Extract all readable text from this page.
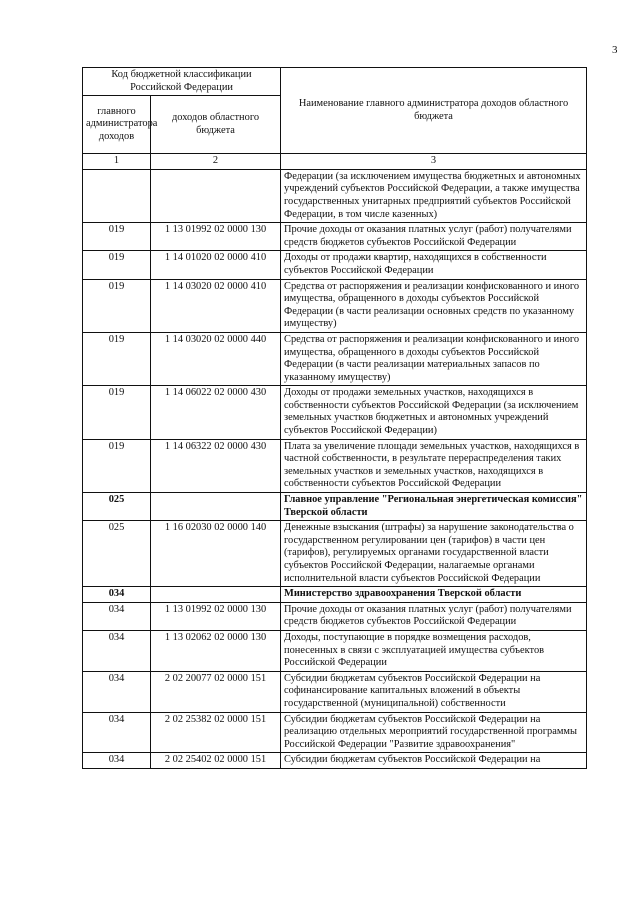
3
Код бюджетной классификации Российской Федерации		Наименование главного администратора доходов областного бюджета
главного администратора доходов	доходов областного бюджета	
1	2	3
		Федерации (за исключением имущества бюджетных и автономных учреждений субъектов Российской Федерации, а также имущества государственных унитарных предприятий субъектов Российской Федерации, в том числе казенных)
019	1 13 01992 02 0000 130	Прочие доходы от оказания платных услуг (работ) получателями средств бюджетов субъектов Российской Федерации
019	1 14 01020 02 0000 410	Доходы от продажи квартир, находящихся в собственности субъектов Российской Федерации
019	1 14 03020 02 0000 410	Средства от распоряжения и реализации конфискованного и иного имущества, обращенного в доходы субъектов Российской Федерации (в части реализации основных средств по указанному имуществу)
019	1 14 03020 02 0000 440	Средства от распоряжения и реализации конфискованного и иного имущества, обращенного в доходы субъектов Российской Федерации (в части реализации материальных запасов по указанному имуществу)
019	1 14 06022 02 0000 430	Доходы от продажи земельных участков, находящихся в собственности субъектов Российской Федерации (за исключением земельных участков бюджетных и автономных учреждений субъектов Российской Федерации)
019	1 14 06322 02 0000 430	Плата за увеличение площади земельных участков, находящихся в частной собственности, в результате перераспределения таких земельных участков и земельных участков, находящихся в собственности субъектов Российской Федерации
025		Главное управление "Региональная энергетическая комиссия" Тверской области
025	1 16 02030 02 0000 140	Денежные взыскания (штрафы) за нарушение законодательства о государственном регулировании цен (тарифов) в части цен (тарифов), регулируемых органами государственной власти субъектов Российской Федерации, налагаемые органами исполнительной власти субъектов Российской Федерации
034		Министерство здравоохранения Тверской области
034	1 13 01992 02 0000 130	Прочие доходы от оказания платных услуг (работ) получателями средств бюджетов субъектов Российской Федерации
034	1 13 02062 02 0000 130	Доходы, поступающие в порядке возмещения расходов, понесенных в связи с эксплуатацией имущества субъектов Российской Федерации
034	2 02 20077 02 0000 151	Субсидии бюджетам субъектов Российской Федерации на софинансирование капитальных вложений в объекты государственной (муниципальной) собственности
034	2 02 25382 02 0000 151	Субсидии бюджетам субъектов Российской Федерации на реализацию отдельных мероприятий государственной программы Российской Федерации "Развитие здравоохранения"
034	2 02 25402 02 0000 151	Субсидии бюджетам субъектов Российской Федерации на
